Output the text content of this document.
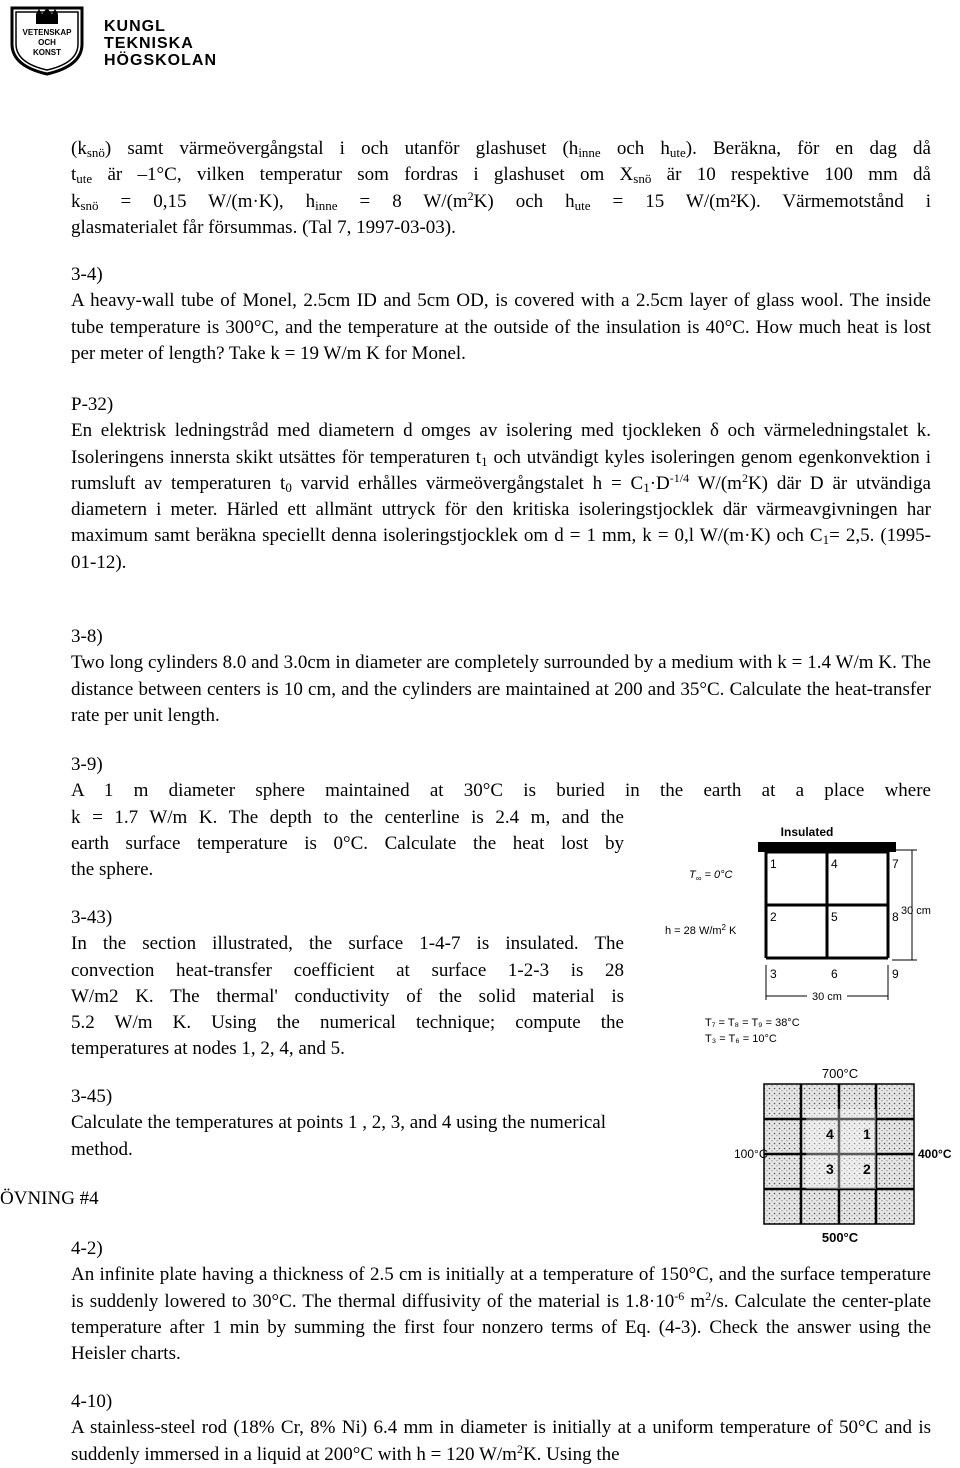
VETENSKAP
OCH
KONST
KUNGL
TEKNISKA
HÖGSKOLAN
$(k_{snö})$ samt värmeövergångstal i och utanför glashuset ($h_{inne}$ och $h_{ute}$). Beräkna, för en dag då
$t_{ute}$ är –1°C, vilken temperatur som fordras i glashuset om $X_{snö}$ är 10 respektive 100 mm då
$k_{snö} = 0,15$ W/(m·K), $h_{inne} = 8$ $W/(m^2K)$ och $h_{ute} = 15$ W/(m²K). Värmemotstånd i
glasmaterialet får försummas. (Tal 7, 1997-03-03).
3-4)
A heavy-wall tube of Monel, 2.5cm ID and 5cm OD, is covered with a 2.5cm layer of glass wool. The inside tube temperature is 300°C, and the temperature at the outside of the insulation is 40°C. How much heat is lost per meter of length? Take k = 19 W/m K for Monel.
P-32)
En elektrisk ledningstråd med diametern d omges av isolering med tjockleken δ och värmeledningstalet k. Isoleringens innersta skikt utsättes för temperaturen $t_1$ och utvändigt kyles isoleringen genom egenkonvektion i rumsluft av temperaturen $t_0$ varvid erhålles värmeövergångstalet $h = C_1\cdot D^{-1/4}$ $W/(m^2K)$ där D är utvändiga diametern i meter. Härled ett allmänt uttryck för den kritiska isoleringstjocklek där värmeavgivningen har maximum samt beräkna speciellt denna isoleringstjocklek om d = 1 mm, k = 0,l W/(m·K) och $C_1= 2,5$. (1995-01-12).
3-8)
Two long cylinders 8.0 and 3.0cm in diameter are completely surrounded by a medium with k = 1.4 W/m K. The distance between centers is 10 cm, and the cylinders are maintained at 200 and 35°C. Calculate the heat-transfer rate per unit length.
3-9)
A 1 m diameter sphere maintained at 30°C is buried in the earth at a place where
k = 1.7 W/m K. The depth to the centerline is 2.4 m, and the
earth surface temperature is 0°C. Calculate the heat lost by
the sphere.
3-43)
In the section illustrated, the surface 1-4-7 is insulated. The
convection heat-transfer coefficient at surface 1-2-3 is 28
W/m2 K. The thermal' conductivity of the solid material is
5.2 W/m K. Using the numerical technique; compute the
temperatures at nodes 1, 2, 4, and 5.
Insulated
1	4	7
2	5	8
3	6	9
$T_\infty = 0^\circ C$
h = 28 $W/m^2$ K
30 cm
30 cm
T₇ = T₈ = T₉ = 38°C
T₃ = T₆ = 10°C
3-45)
Calculate the temperatures at points 1 , 2, 3, and 4 using the numerical
method.
700°C
4 1
3 2
100°C	400°C
500°C
ÖVNING #4
4-2)
An infinite plate having a thickness of 2.5 cm is initially at a temperature of 150°C, and the surface temperature is suddenly lowered to 30°C. The thermal diffusivity of the material is $1.8\cdot 10^{-6}$ $m^2/s$. Calculate the center-plate temperature after 1 min by summing the first four nonzero terms of Eq. (4-3). Check the answer using the Heisler charts.
4-10)
A stainless-steel rod (18% Cr, 8% Ni) 6.4 mm in diameter is initially at a uniform temperature of 50°C and is suddenly immersed in a liquid at 200°C with h = 120 $W/m^2K$. Using the
